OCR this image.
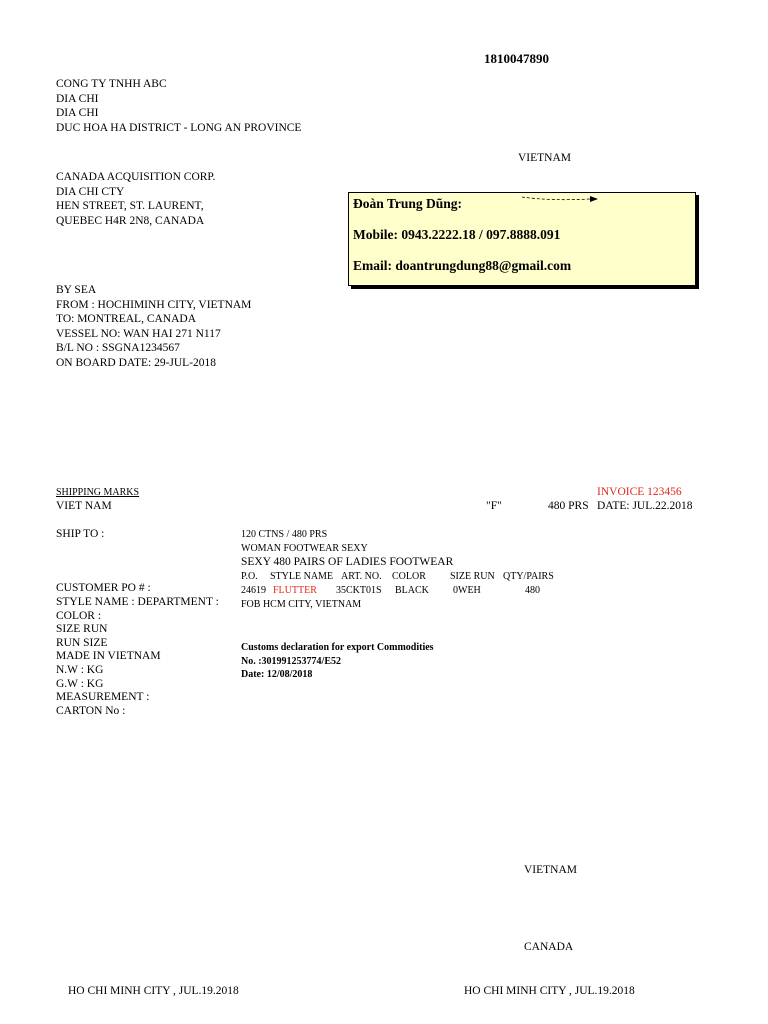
1810047890
CONG TY TNHH ABC
DIA CHI
DIA CHI
DUC HOA HA DISTRICT - LONG AN PROVINCE
VIETNAM
CANADA ACQUISITION CORP.
DIA CHI CTY
HEN STREET, ST. LAURENT,
QUEBEC H4R 2N8, CANADA
Đoàn Trung Dũng:
Mobile: 0943.2222.18 / 097.8888.091
Email: doantrungdung88@gmail.com
BY SEA
FROM : HOCHIMINH CITY, VIETNAM
TO: MONTREAL, CANADA
VESSEL NO: WAN HAI 271 N117
B/L NO : SSGNA1234567
ON BOARD DATE: 29-JUL-2018
SHIPPING MARKS
VIET NAM	"F"	480 PRS
INVOICE 123456
DATE: JUL.22.2018
SHIP TO :
CUSTOMER PO # :
STYLE NAME : DEPARTMENT :
COLOR :
SIZE RUN
RUN SIZE
MADE IN VIETNAM
N.W : KG
G.W : KG
MEASUREMENT :
CARTON No :
120 CTNS / 480 PRS
WOMAN FOOTWEAR SEXY
SEXY 480 PAIRS OF LADIES FOOTWEAR
P.O. STYLE NAME ART. NO. COLOR SIZE RUN QTY/PAIRS
24619 FLUTTER 35CKT01S BLACK 0WEH	480
FOB HCM CITY, VIETNAM
Customs declaration for export Commodities
No. :301991253774/E52
Date: 12/08/2018
VIETNAM
CANADA
HO CHI MINH CITY , JUL.19.2018	HO CHI MINH CITY , JUL.19.2018
